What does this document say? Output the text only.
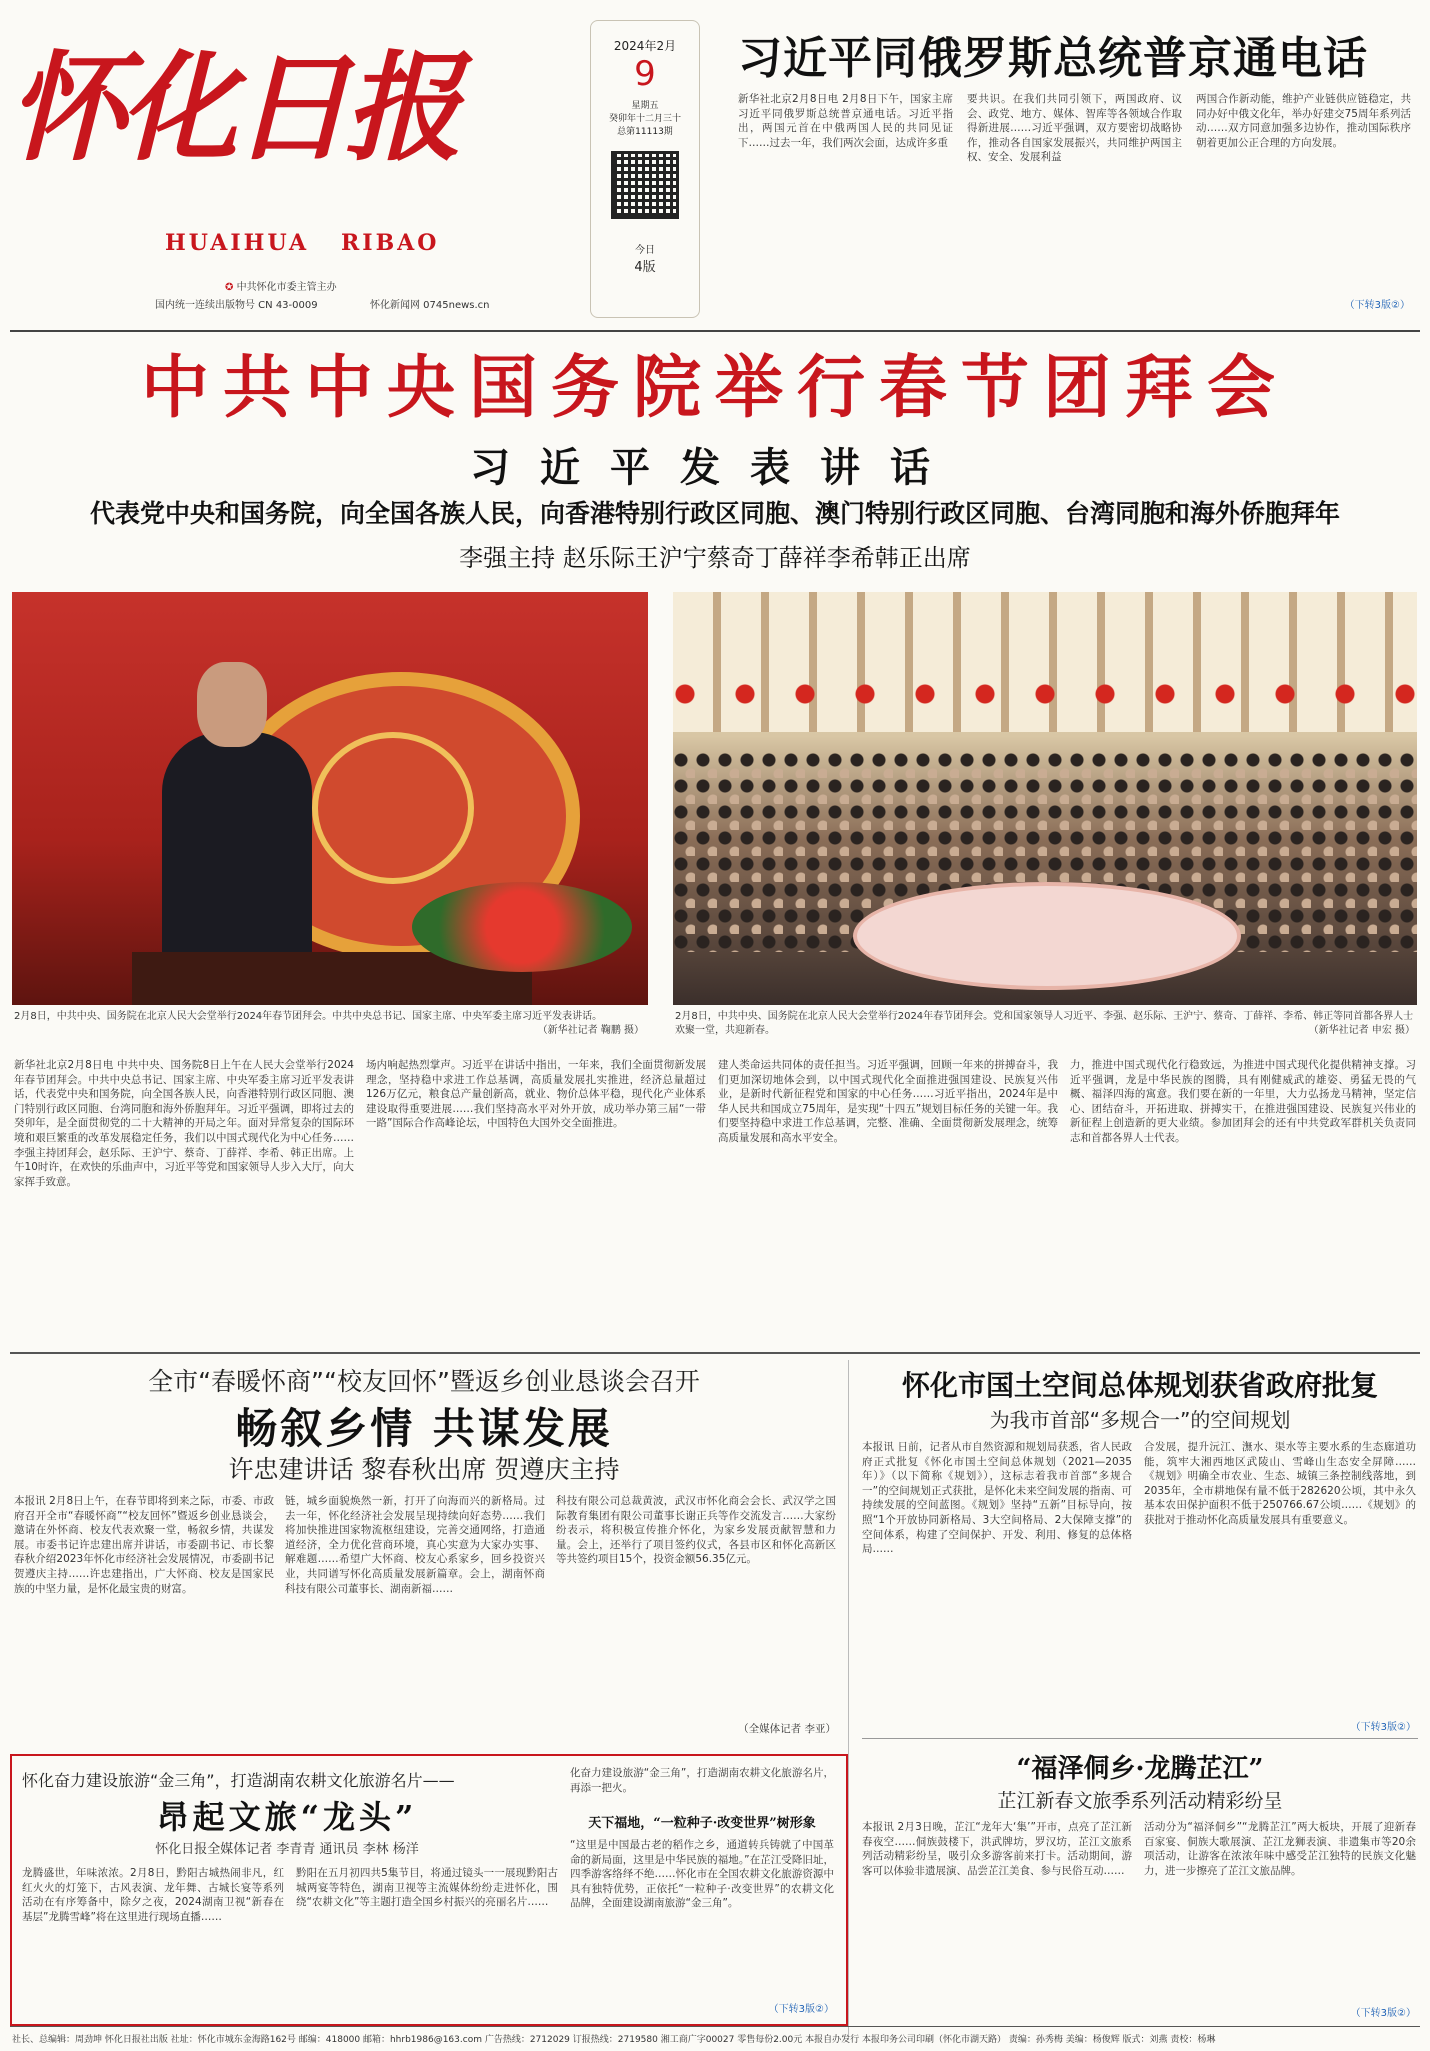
怀化日报
HUAIHUA   RIBAO
✪ 中共怀化市委主管主办
国内统一连续出版物号 CN 43-0009	怀化新闻网 0745news.cn
2024年2月
9
星期五
癸卯年十二月三十
总第11113期
今日
4版
习近平同俄罗斯总统普京通电话
新华社北京2月8日电 2月8日下午，国家主席习近平同俄罗斯总统普京通电话。习近平指出，两国元首在中俄两国人民的共同见证下……过去一年，我们两次会面，达成许多重
要共识。在我们共同引领下，两国政府、议会、政党、地方、媒体、智库等各领域合作取得新进展……习近平强调，双方要密切战略协作，推动各自国家发展振兴，共同维护两国主权、安全、发展利益
两国合作新动能，维护产业链供应链稳定，共同办好中俄文化年，举办好建交75周年系列活动……双方同意加强多边协作，推动国际秩序朝着更加公正合理的方向发展。
（下转3版②）
中共中央国务院举行春节团拜会
习近平发表讲话
代表党中央和国务院，向全国各族人民，向香港特别行政区同胞、澳门特别行政区同胞、台湾同胞和海外侨胞拜年
李强主持 赵乐际王沪宁蔡奇丁薛祥李希韩正出席
2月8日，中共中央、国务院在北京人民大会堂举行2024年春节团拜会。中共中央总书记、国家主席、中央军委主席习近平发表讲话。
（新华社记者 鞠鹏 摄）
2月8日，中共中央、国务院在北京人民大会堂举行2024年春节团拜会。党和国家领导人习近平、李强、赵乐际、王沪宁、蔡奇、丁薛祥、李希、韩正等同首都各界人士欢聚一堂，共迎新春。	（新华社记者 申宏 摄）
新华社北京2月8日电 中共中央、国务院8日上午在人民大会堂举行2024年春节团拜会。中共中央总书记、国家主席、中央军委主席习近平发表讲话，代表党中央和国务院，向全国各族人民，向香港特别行政区同胞、澳门特别行政区同胞、台湾同胞和海外侨胞拜年。习近平强调，即将过去的癸卯年，是全面贯彻党的二十大精神的开局之年。面对异常复杂的国际环境和艰巨繁重的改革发展稳定任务，我们以中国式现代化为中心任务……李强主持团拜会，赵乐际、王沪宁、蔡奇、丁薛祥、李希、韩正出席。上午10时许，在欢快的乐曲声中，习近平等党和国家领导人步入大厅，向大家挥手致意。
场内响起热烈掌声。习近平在讲话中指出，一年来，我们全面贯彻新发展理念，坚持稳中求进工作总基调，高质量发展扎实推进，经济总量超过126万亿元，粮食总产量创新高，就业、物价总体平稳，现代化产业体系建设取得重要进展……我们坚持高水平对外开放，成功举办第三届“一带一路”国际合作高峰论坛，中国特色大国外交全面推进。
建人类命运共同体的责任担当。习近平强调，回顾一年来的拼搏奋斗，我们更加深切地体会到，以中国式现代化全面推进强国建设、民族复兴伟业，是新时代新征程党和国家的中心任务……习近平指出，2024年是中华人民共和国成立75周年，是实现“十四五”规划目标任务的关键一年。我们要坚持稳中求进工作总基调，完整、准确、全面贯彻新发展理念，统筹高质量发展和高水平安全。
力，推进中国式现代化行稳致远，为推进中国式现代化提供精神支撑。习近平强调，龙是中华民族的图腾，具有刚健威武的雄姿、勇猛无畏的气概、福泽四海的寓意。我们要在新的一年里，大力弘扬龙马精神，坚定信心、团结奋斗，开拓进取、拼搏实干，在推进强国建设、民族复兴伟业的新征程上创造新的更大业绩。参加团拜会的还有中共党政军群机关负责同志和首都各界人士代表。
全市“春暖怀商”“校友回怀”暨返乡创业恳谈会召开
畅叙乡情 共谋发展
许忠建讲话 黎春秋出席 贺遵庆主持
本报讯 2月8日上午，在春节即将到来之际，市委、市政府召开全市“春暖怀商”“校友回怀”暨返乡创业恳谈会，邀请在外怀商、校友代表欢聚一堂，畅叙乡情，共谋发展。市委书记许忠建出席并讲话，市委副书记、市长黎春秋介绍2023年怀化市经济社会发展情况，市委副书记贺遵庆主持……许忠建指出，广大怀商、校友是国家民族的中坚力量，是怀化最宝贵的财富。
链，城乡面貌焕然一新，打开了向海而兴的新格局。过去一年，怀化经济社会发展呈现持续向好态势……我们将加快推进国家物流枢纽建设，完善交通网络，打造通道经济，全力优化营商环境，真心实意为大家办实事、解难题……希望广大怀商、校友心系家乡，回乡投资兴业，共同谱写怀化高质量发展新篇章。会上，湖南怀商科技有限公司董事长、湖南新福……
科技有限公司总裁黄波，武汉市怀化商会会长、武汉学之国际教育集团有限公司董事长谢正兵等作交流发言……大家纷纷表示，将积极宣传推介怀化，为家乡发展贡献智慧和力量。会上，还举行了项目签约仪式，各县市区和怀化高新区等共签约项目15个，投资金额56.35亿元。
（全媒体记者 李亚）
怀化市国土空间总体规划获省政府批复
为我市首部“多规合一”的空间规划
本报讯 日前，记者从市自然资源和规划局获悉，省人民政府正式批复《怀化市国土空间总体规划（2021—2035年）》（以下简称《规划》），这标志着我市首部“多规合一”的空间规划正式获批，是怀化未来空间发展的指南、可持续发展的空间蓝图。《规划》坚持“五新”目标导向，按照“1个开放协同新格局、3大空间格局、2大保障支撑”的空间体系，构建了空间保护、开发、利用、修复的总体格局……
合发展，提升沅江、潕水、渠水等主要水系的生态廊道功能，筑牢大湘西地区武陵山、雪峰山生态安全屏障……《规划》明确全市农业、生态、城镇三条控制线落地，到2035年，全市耕地保有量不低于282620公顷，其中永久基本农田保护面积不低于250766.67公顷……《规划》的获批对于推动怀化高质量发展具有重要意义。
（下转3版②）
怀化奋力建设旅游“金三角”，打造湖南农耕文化旅游名片——
昂起文旅“龙头”
怀化日报全媒体记者 李青青 通讯员 李林 杨洋
龙腾盛世，年味浓浓。2月8日，黔阳古城热闹非凡，红红火火的灯笼下，古风表演、龙年舞、古城长宴等系列活动在有序筹备中，除夕之夜，2024湖南卫视“新春在基层”龙腾雪峰”将在这里进行现场直播……
黔阳在五月初四共5集节目，将通过镜头一一展现黔阳古城两宴等特色，湖南卫视等主流媒体纷纷走进怀化，围绕“农耕文化”等主题打造全国乡村振兴的亮丽名片……
化奋力建设旅游“金三角”，打造湖南农耕文化旅游名片，再添一把火。
天下福地，“一粒种子·改变世界”树形象
“这里是中国最古老的稻作之乡，通道转兵铸就了中国革命的新局面，这里是中华民族的福地。”在芷江受降旧址，四季游客络绎不绝……怀化市在全国农耕文化旅游资源中具有独特优势，正依托“一粒种子·改变世界”的农耕文化品牌，全面建设湖南旅游“金三角”。
（下转3版②）
“福泽侗乡·龙腾芷江”
芷江新春文旅季系列活动精彩纷呈
本报讯 2月3日晚，芷江“龙年大‘集’”开市，点亮了芷江新春夜空……侗族鼓楼下，洪武牌坊，罗汉坊，芷江文旅系列活动精彩纷呈，吸引众多游客前来打卡。活动期间，游客可以体验非遗展演、品尝芷江美食、参与民俗互动……
活动分为“福泽侗乡”“龙腾芷江”两大板块，开展了迎新春百家宴、侗族大歌展演、芷江龙狮表演、非遗集市等20余项活动，让游客在浓浓年味中感受芷江独特的民族文化魅力，进一步擦亮了芷江文旅品牌。
（下转3版②）
社长、总编辑：周劲坤 怀化日报社出版 社址：怀化市城东金海路162号 邮编：418000 邮箱：hhrb1986@163.com 广告热线：2712029 订报热线：2719580 湘工商广字00027 零售每份2.00元 本报自办发行 本报印务公司印刷（怀化市湖天路） 责编：孙秀梅 美编：杨俊辉 版式：刘燕 责校：杨琳
